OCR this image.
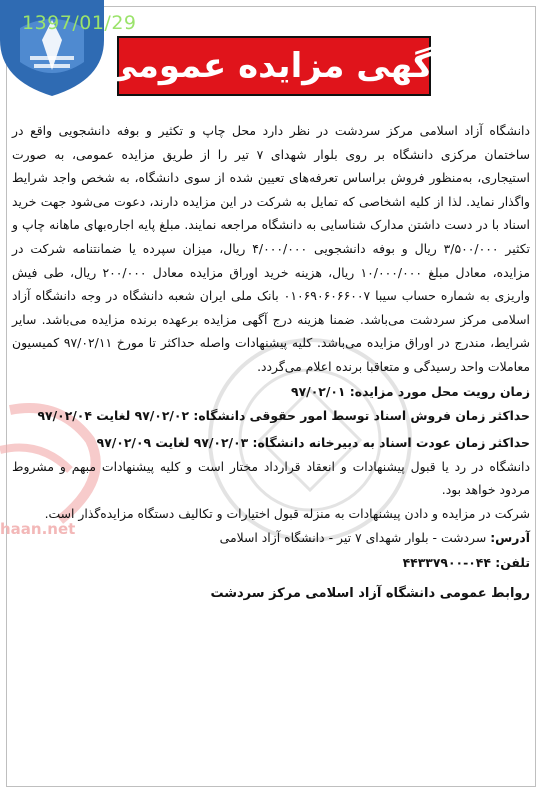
1397/01/29
آگهی مزایده عمومی
haan.net

دانشگاه آزاد اسلامی مرکز سردشت در نظر دارد محل چاپ و تکثیر و بوفه دانشجویی واقع در ساختمان مرکزی دانشگاه بر روی بلوار شهدای ۷ تیر را از طریق مزایده عمومی، به صورت استیجاری، به‌منظور فروش براساس تعرفه‌های تعیین شده از سوی دانشگاه، به شخص واجد شرایط واگذار نماید. لذا از کلیه اشخاصی که تمایل به شرکت در این مزایده دارند، دعوت می‌شود جهت خرید اسناد با در دست داشتن مدارک شناسایی به دانشگاه مراجعه نمایند. مبلغ پایه اجاره‌بهای ماهانه چاپ و تکثیر ۳/۵۰۰/۰۰۰ ریال و بوفه دانشجویی ۴/۰۰۰/۰۰۰ ریال، میزان سپرده یا ضمانتنامه شرکت در مزایده، معادل مبلغ ۱۰/۰۰۰/۰۰۰ ریال، هزینه خرید اوراق مزایده معادل ۲۰۰/۰۰۰ ریال، طی فیش واریزی به شماره حساب سیبا ۰۱۰۶۹۰۶۰۶۶۰۰۷ بانک ملی ایران شعبه دانشگاه در وجه دانشگاه آزاد اسلامی مرکز سردشت می‌باشد. ضمنا هزینه درج آگهی مزایده برعهده برنده مزایده می‌باشد. سایر شرایط، مندرج در اوراق مزایده می‌باشد. کلیه پیشنهادات واصله حداکثر تا مورخ ۹۷/۰۲/۱۱ کمیسیون معاملات واحد رسیدگی و متعاقبا برنده اعلام می‌گردد.

زمان رویت محل مورد مزایده: ۹۷/۰۲/۰۱

حداکثر زمان فروش اسناد توسط امور حقوقی دانشگاه: ۹۷/۰۲/۰۲ لغایت ۹۷/۰۲/۰۴

حداکثر زمان عودت اسناد به دبیرخانه دانشگاه: ۹۷/۰۲/۰۳ لغایت ۹۷/۰۲/۰۹

دانشگاه در رد یا قبول پیشنهادات و انعقاد قرارداد مختار است و کلیه پیشنهادات مبهم و مشروط مردود خواهد بود.

شرکت در مزایده و دادن پیشنهادات به منزله قبول اختیارات و تکالیف دستگاه مزایده‌گذار است.

آدرس: سردشت - بلوار شهدای ۷ تیر - دانشگاه آزاد اسلامی

تلفن: ۰۴۴-۴۴۳۳۷۹۰۰

روابط عمومی دانشگاه آزاد اسلامی مرکز سردشت
